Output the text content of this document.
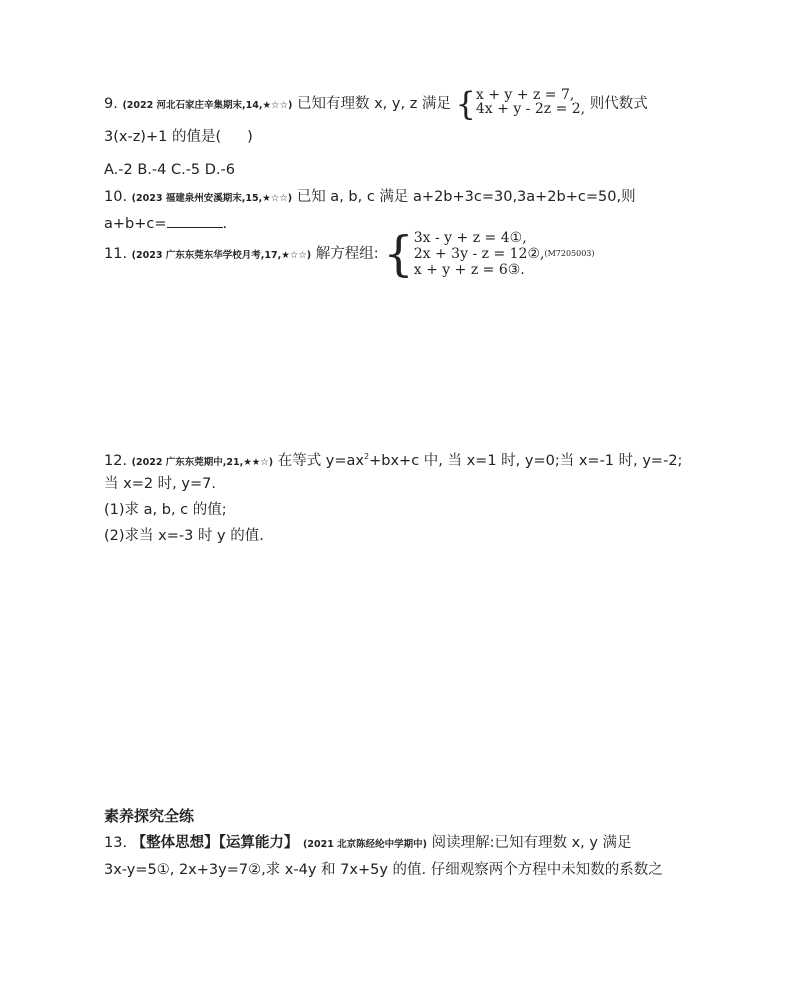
9. (2022 河北石家庄辛集期末,14,★☆☆) 已知有理数 x, y, z 满足 { x + y + z = 7,
4x + y - 2z = 2, 则代数式
3(x-z)+1 的值是( )
A.-2 B.-4 C.-5 D.-6
10. (2023 福建泉州安溪期末,15,★☆☆) 已知 a, b, c 满足 a+2b+3c=30,3a+2b+c=50,则
a+b+c=	.
11. (2023 广东东莞东华学校月考,17,★☆☆) 解方程组: { 3x - y + z = 4①,
2x + 3y - z = 12②, (M7205003)
x + y + z = 6③.
12. (2022 广东东莞期中,21,★★☆) 在等式 $y=ax^2+bx+c$ 中, 当 x=1 时, y=0;当 x=-1 时, y=-2;
当 x=2 时, y=7.
(1)求 a, b, c 的值;
(2)求当 x=-3 时 y 的值.
素养探究全练
13. 【整体思想】【运算能力】 (2021 北京陈经纶中学期中) 阅读理解:已知有理数 x, y 满足
3x-y=5①, 2x+3y=7②,求 x-4y 和 7x+5y 的值. 仔细观察两个方程中未知数的系数之
